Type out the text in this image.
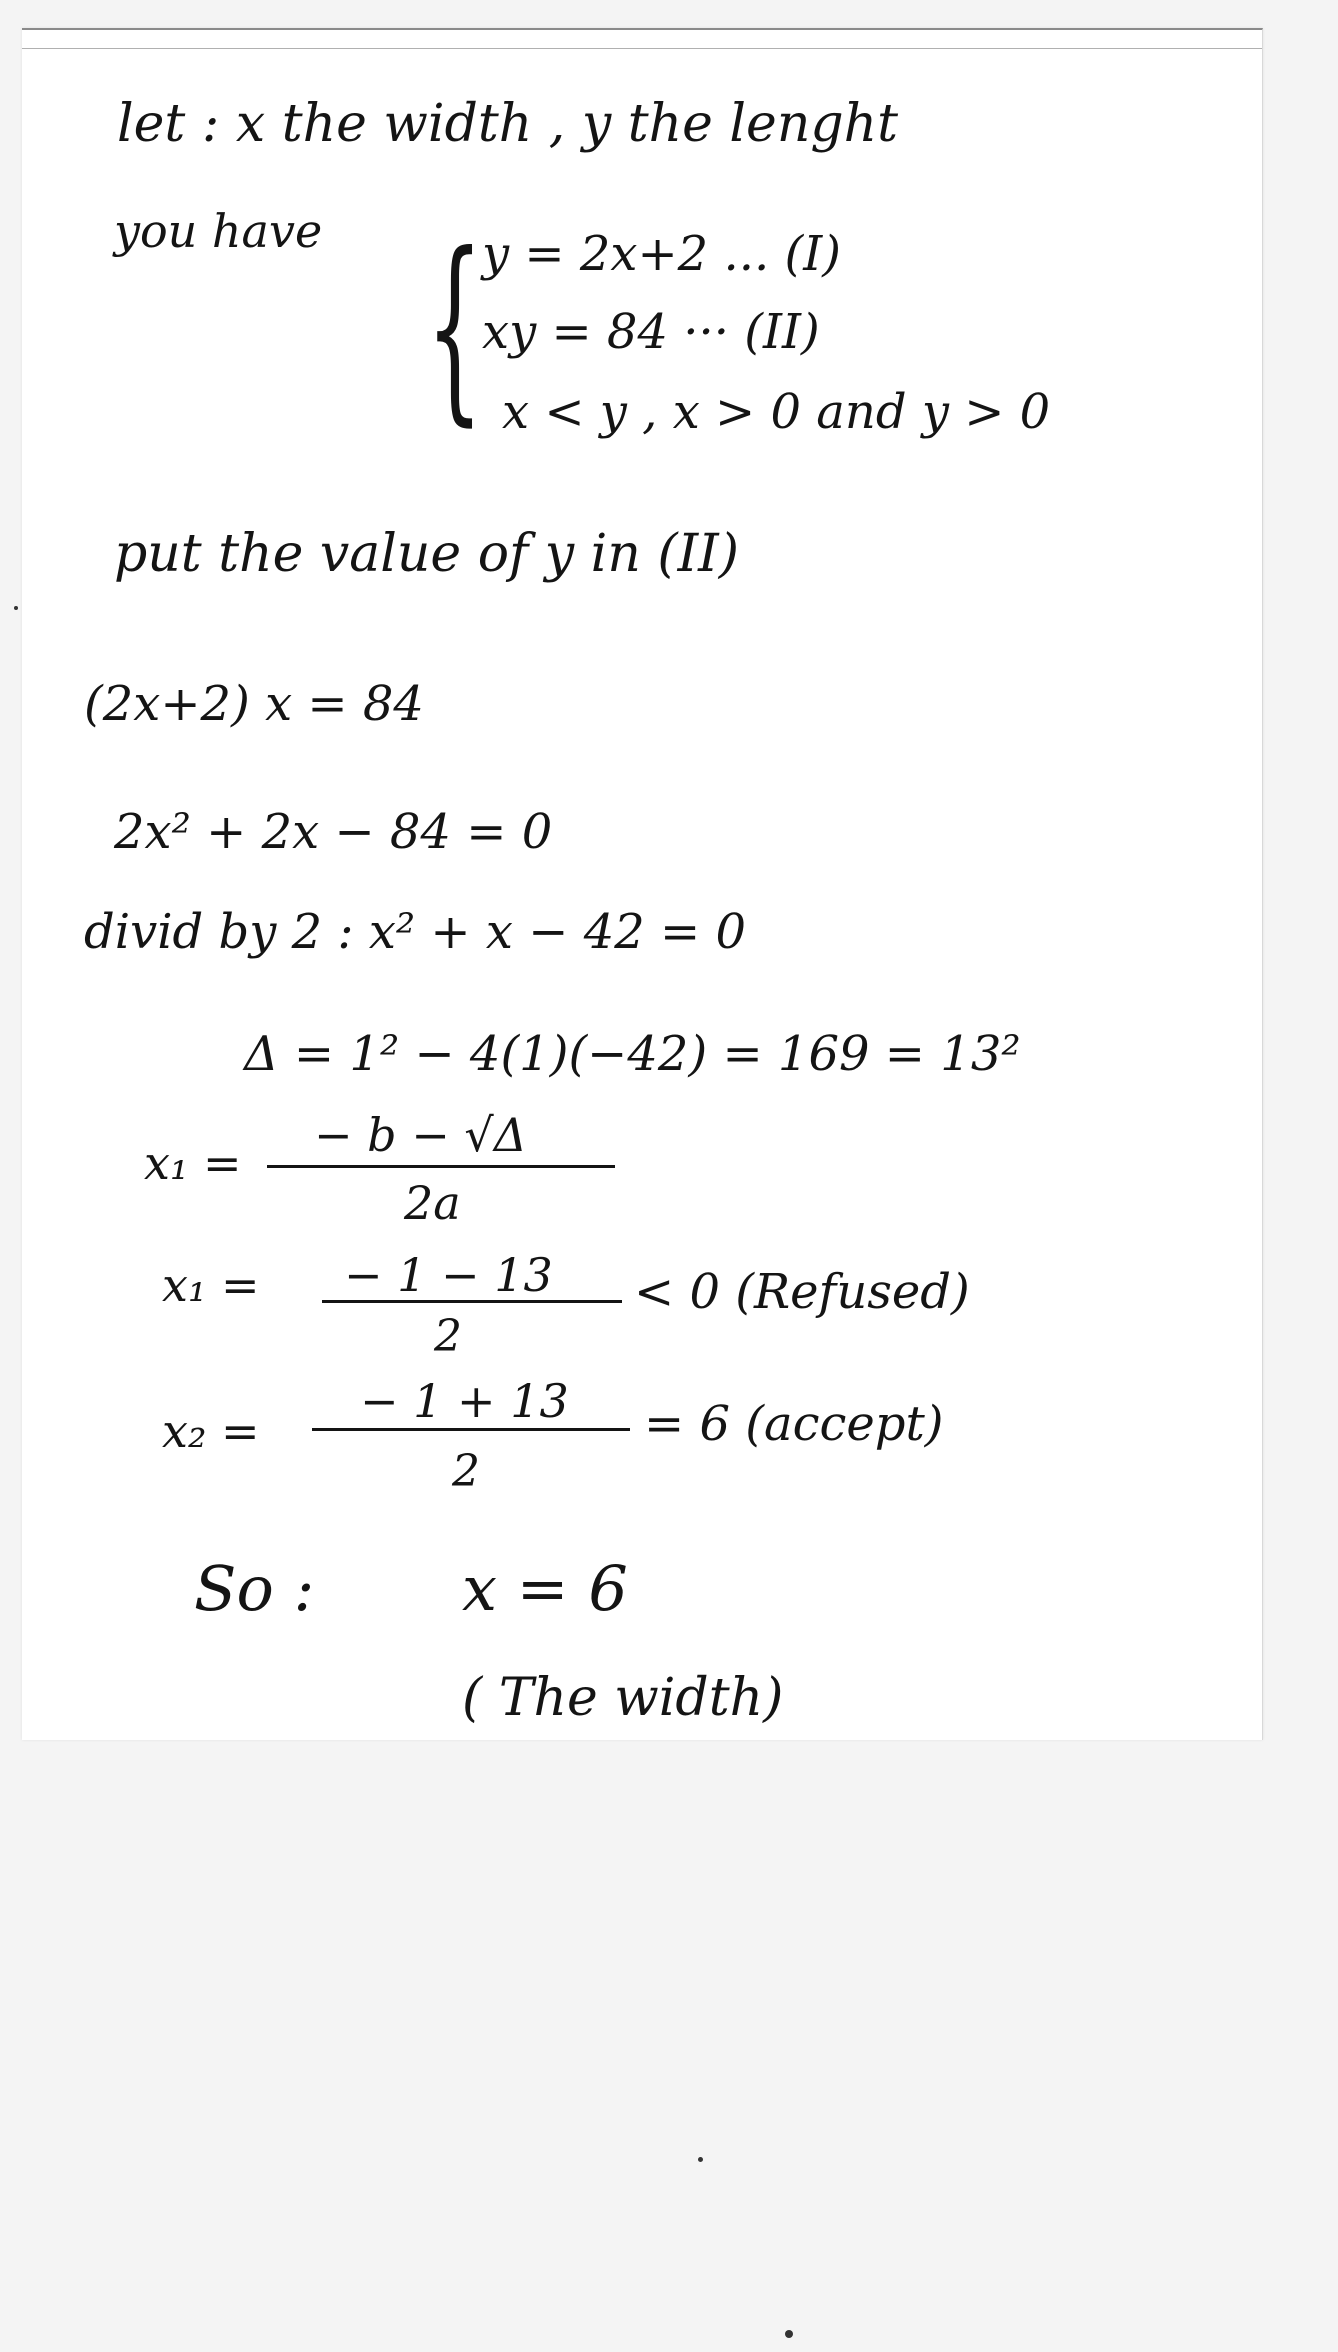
let : x the width , y the lenght
you have {
y = 2x+2 ... (I)
xy = 84 ··· (II)
x < y , x > 0 and y > 0
put the value of y in (II)
(2x+2) x = 84
2x² + 2x − 84 = 0
divid by 2 : x² + x − 42 = 0
Δ = 1² − 4(1)(−42) = 169 = 13²
x₁ =
− b − √Δ
2a
x₁ = − 1 − 13
2
< 0 (Refused)
x₂ =
− 1 + 13
2
= 6 (accept)
So : x = 6
( The width)
